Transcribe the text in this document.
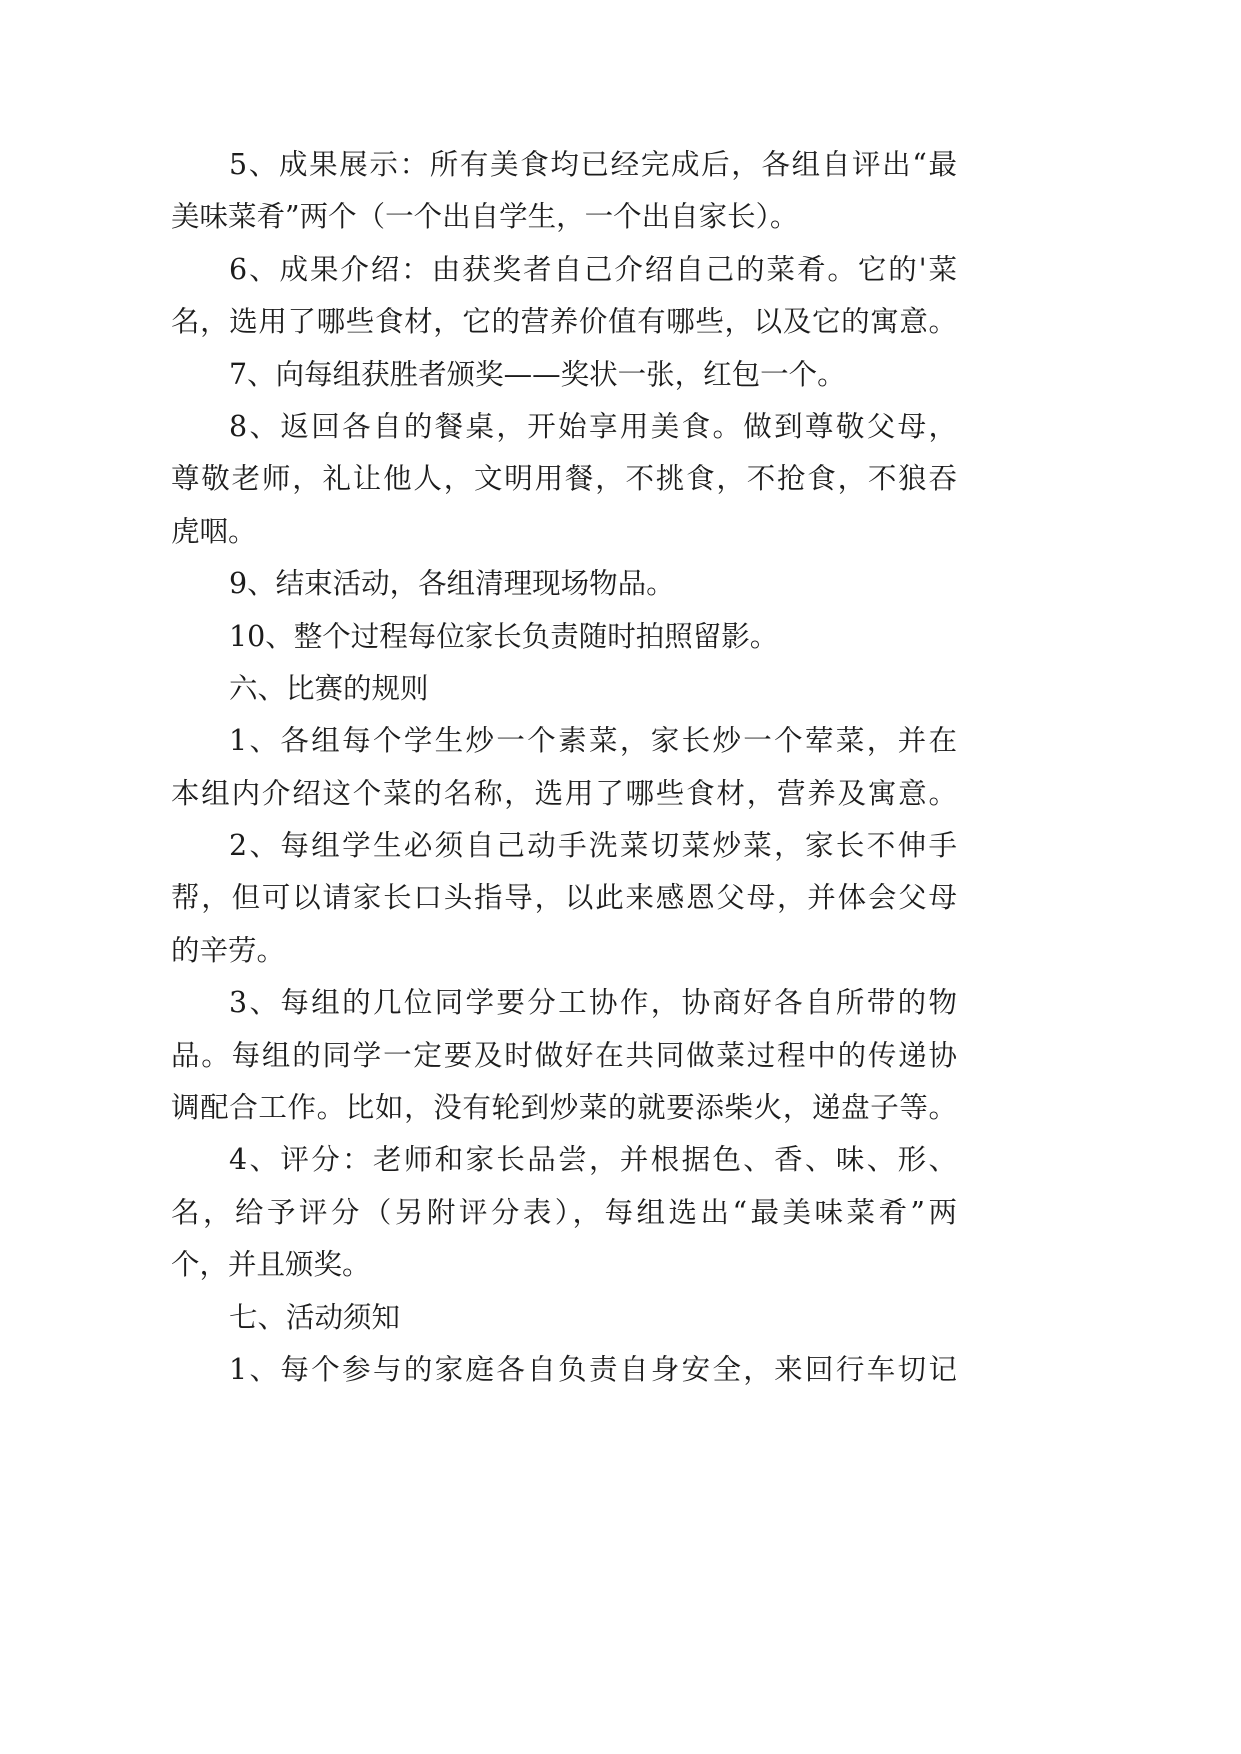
5、成果展示：所有美食均已经完成后，各组自评出“最
美味菜肴”两个（一个出自学生，一个出自家长）。
6、成果介绍：由获奖者自己介绍自己的菜肴。它的'菜
名，选用了哪些食材，它的营养价值有哪些，以及它的寓意。
7、向每组获胜者颁奖——奖状一张，红包一个。
8、返回各自的餐桌，开始享用美食。做到尊敬父母，
尊敬老师，礼让他人，文明用餐，不挑食，不抢食，不狼吞
虎咽。
9、结束活动，各组清理现场物品。
10、整个过程每位家长负责随时拍照留影。
六、比赛的规则
1、各组每个学生炒一个素菜，家长炒一个荤菜，并在
本组内介绍这个菜的名称，选用了哪些食材，营养及寓意。
2、每组学生必须自己动手洗菜切菜炒菜，家长不伸手
帮，但可以请家长口头指导，以此来感恩父母，并体会父母
的辛劳。
3、每组的几位同学要分工协作，协商好各自所带的物
品。每组的同学一定要及时做好在共同做菜过程中的传递协
调配合工作。比如，没有轮到炒菜的就要添柴火，递盘子等。
4、评分：老师和家长品尝，并根据色、香、味、形、
名，给予评分（另附评分表），每组选出“最美味菜肴”两
个，并且颁奖。
七、活动须知
1、每个参与的家庭各自负责自身安全，来回行车切记
